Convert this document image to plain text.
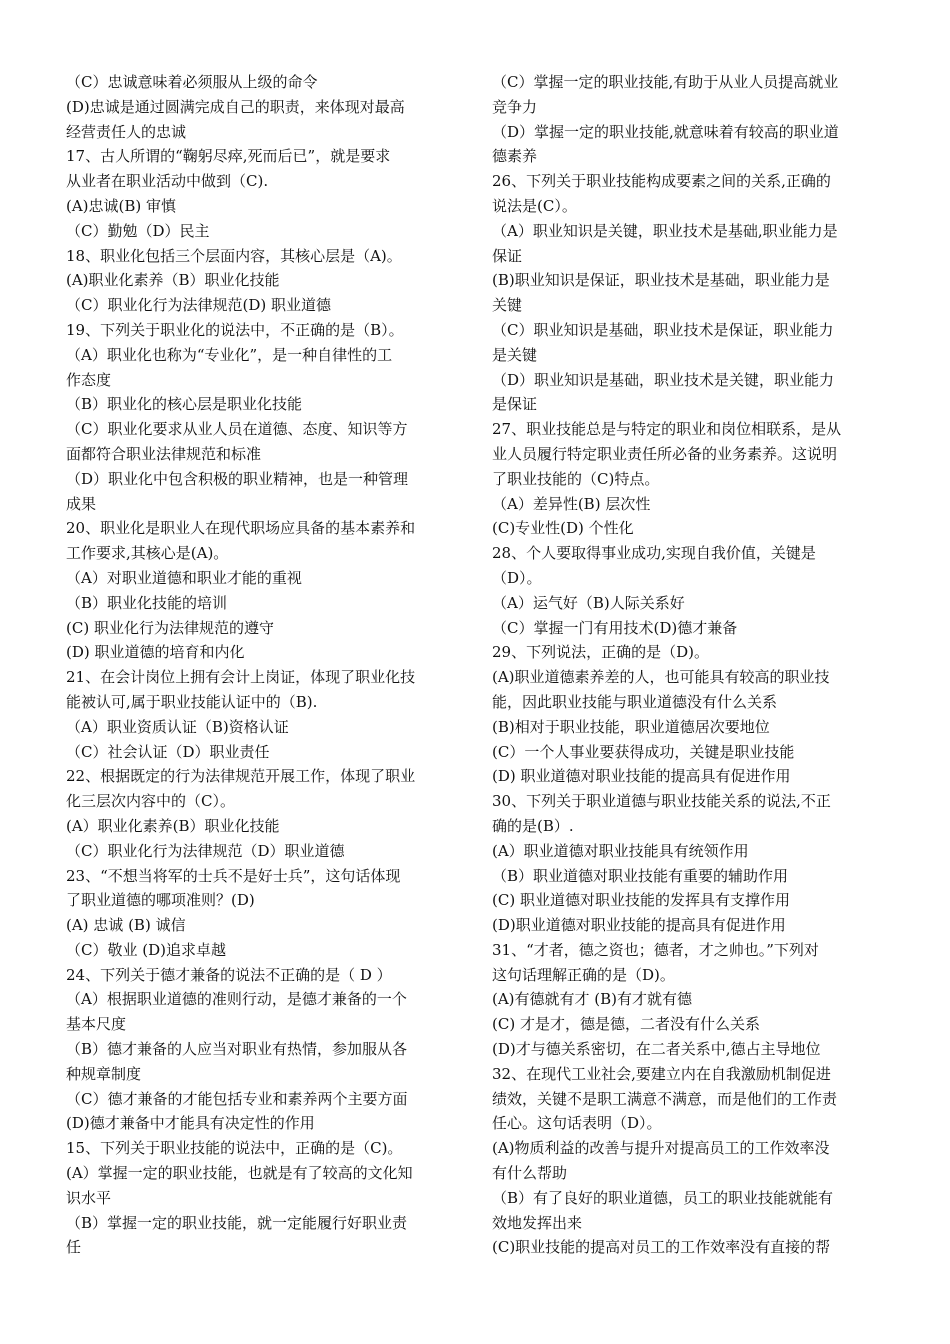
（C）忠诚意味着必须服从上级的命令
(D)忠诚是通过圆满完成自己的职责，来体现对最高
经营责任人的忠诚
17、古人所谓的“鞠躬尽瘁,死而后已”，就是要求
从业者在职业活动中做到（C).
(A)忠诚(B) 审慎
（C）勤勉（D）民主
18、职业化包括三个层面内容，其核心层是（A)。
(A)职业化素养（B）职业化技能
（C）职业化行为法律规范(D) 职业道德
19、下列关于职业化的说法中，不正确的是（B）。
（A）职业化也称为“专业化”，是一种自律性的工
作态度
（B）职业化的核心层是职业化技能
（C）职业化要求从业人员在道德、态度、知识等方
面都符合职业法律规范和标准
（D）职业化中包含积极的职业精神，也是一种管理
成果
20、职业化是职业人在现代职场应具备的基本素养和
工作要求,其核心是(A)。
（A）对职业道德和职业才能的重视
（B）职业化技能的培训
(C) 职业化行为法律规范的遵守
(D) 职业道德的培育和内化
21、在会计岗位上拥有会计上岗证，体现了职业化技
能被认可,属于职业技能认证中的（B).
（A）职业资质认证（B)资格认证
（C）社会认证（D）职业责任
22、根据既定的行为法律规范开展工作，体现了职业
化三层次内容中的（C）。
(A）职业化素养(B）职业化技能
（C）职业化行为法律规范（D）职业道德
23、“不想当将军的士兵不是好士兵”，这句话体现
了职业道德的哪项准则？(D)
(A) 忠诚 (B) 诚信
（C）敬业 (D)追求卓越
24、下列关于德才兼备的说法不正确的是（ D ）
（A）根据职业道德的准则行动，是德才兼备的一个
基本尺度
（B）德才兼备的人应当对职业有热情，参加服从各
种规章制度
（C）德才兼备的才能包括专业和素养两个主要方面
(D)德才兼备中才能具有决定性的作用
15、下列关于职业技能的说法中，正确的是（C)。
(A）掌握一定的职业技能，也就是有了较高的文化知
识水平
（B）掌握一定的职业技能，就一定能履行好职业责
任
（C）掌握一定的职业技能,有助于从业人员提高就业
竞争力
（D）掌握一定的职业技能,就意味着有较高的职业道
德素养
26、下列关于职业技能构成要素之间的关系,正确的
说法是(C）。
（A）职业知识是关键，职业技术是基础,职业能力是
保证
(B)职业知识是保证，职业技术是基础，职业能力是
关键
（C）职业知识是基础，职业技术是保证，职业能力
是关键
（D）职业知识是基础，职业技术是关键，职业能力
是保证
27、职业技能总是与特定的职业和岗位相联系，是从
业人员履行特定职业责任所必备的业务素养。这说明
了职业技能的（C)特点。
（A）差异性(B) 层次性
(C)专业性(D) 个性化
28、个人要取得事业成功,实现自我价值，关键是
（D）。
（A）运气好（B)人际关系好
（C）掌握一门有用技术(D)德才兼备
29、下列说法，正确的是（D)。
(A)职业道德素养差的人，也可能具有较高的职业技
能，因此职业技能与职业道德没有什么关系
(B)相对于职业技能，职业道德居次要地位
(C）一个人事业要获得成功，关键是职业技能
(D) 职业道德对职业技能的提高具有促进作用
30、下列关于职业道德与职业技能关系的说法,不正
确的是(B）.
(A）职业道德对职业技能具有统领作用
（B）职业道德对职业技能有重要的辅助作用
(C) 职业道德对职业技能的发挥具有支撑作用
(D)职业道德对职业技能的提高具有促进作用
31、“才者，德之资也；德者，才之帅也。”下列对
这句话理解正确的是（D)。
(A)有德就有才 (B)有才就有德
(C) 才是才，德是德，二者没有什么关系
(D)才与德关系密切，在二者关系中,德占主导地位
32、在现代工业社会,要建立内在自我激励机制促进
绩效，关键不是职工满意不满意，而是他们的工作责
任心。这句话表明（D）。
(A)物质利益的改善与提升对提高员工的工作效率没
有什么帮助
（B）有了良好的职业道德，员工的职业技能就能有
效地发挥出来
(C)职业技能的提高对员工的工作效率没有直接的帮
